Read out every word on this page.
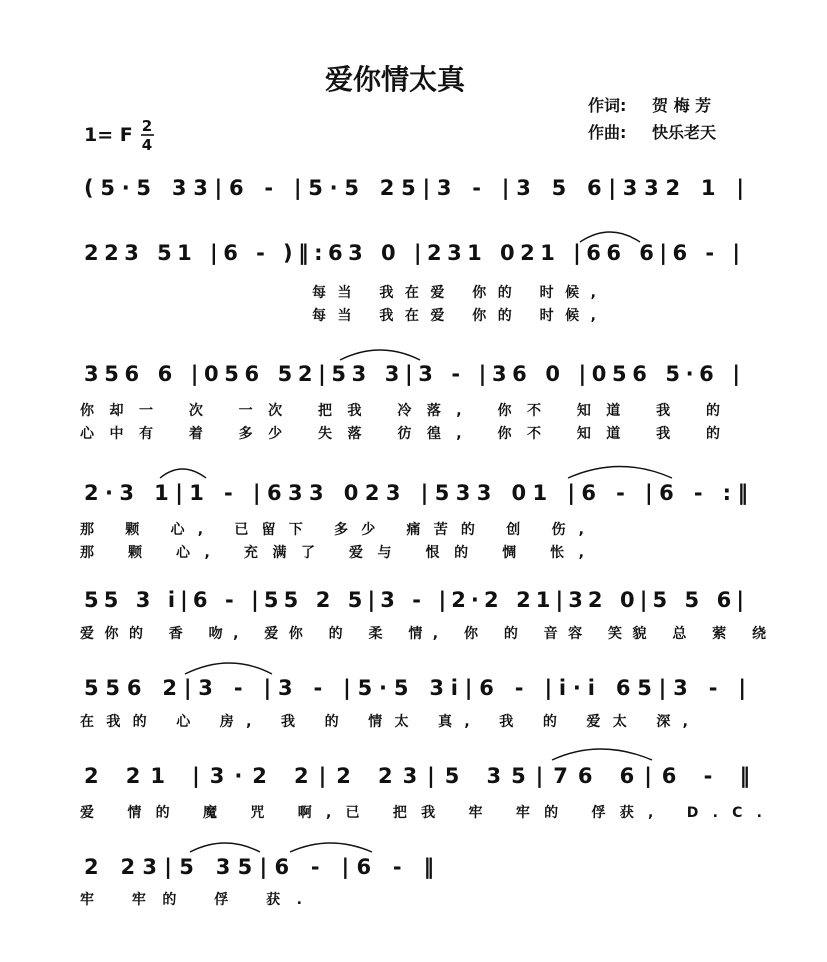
爱你情太真
作词: 贺 梅 芳
作曲: 快乐老天
1= F 2
4
(5·5 33|6 - |5·5 25|3 - |3 5 6|332 1 |
223 51 |6 - )‖:63 0 |231 021 |66 6|6 - |
每当 我在爱 你的 时候,
每当 我在爱 你的 时候,
356 6 |056 52|53 3|3 - |36 0 |056 5·6 |
你却一 次 一次 把我 冷落, 你不 知道 我 的
心中有 着 多少 失落 彷徨, 你不 知道 我 的
2·3 1|1 - |633 023 |533 01 |6 - |6 - :‖
那 颗 心, 已留下 多少 痛苦的 创 伤,
那 颗 心, 充满了 爱与 恨的 惆 怅,
55 3 i|6 - |55 2 5|3 - |2·2 21|32 0|5 5 6|
爱你的 香 吻, 爱你 的 柔 情, 你 的 音容 笑貌 总 萦 绕
556 2|3 - |3 - |5·5 3i|6 - |i·i 65|3 - |
在我的 心 房, 我 的 情太 真, 我 的 爱太 深,
2 21 |3·2 2|2 23|5 35|76 6|6 - ‖
爱 情的 魔 咒 啊,已 把我 牢 牢的 俘获, D.C.
2 23|5 35|6 - |6 - ‖
牢 牢的 俘 获.
